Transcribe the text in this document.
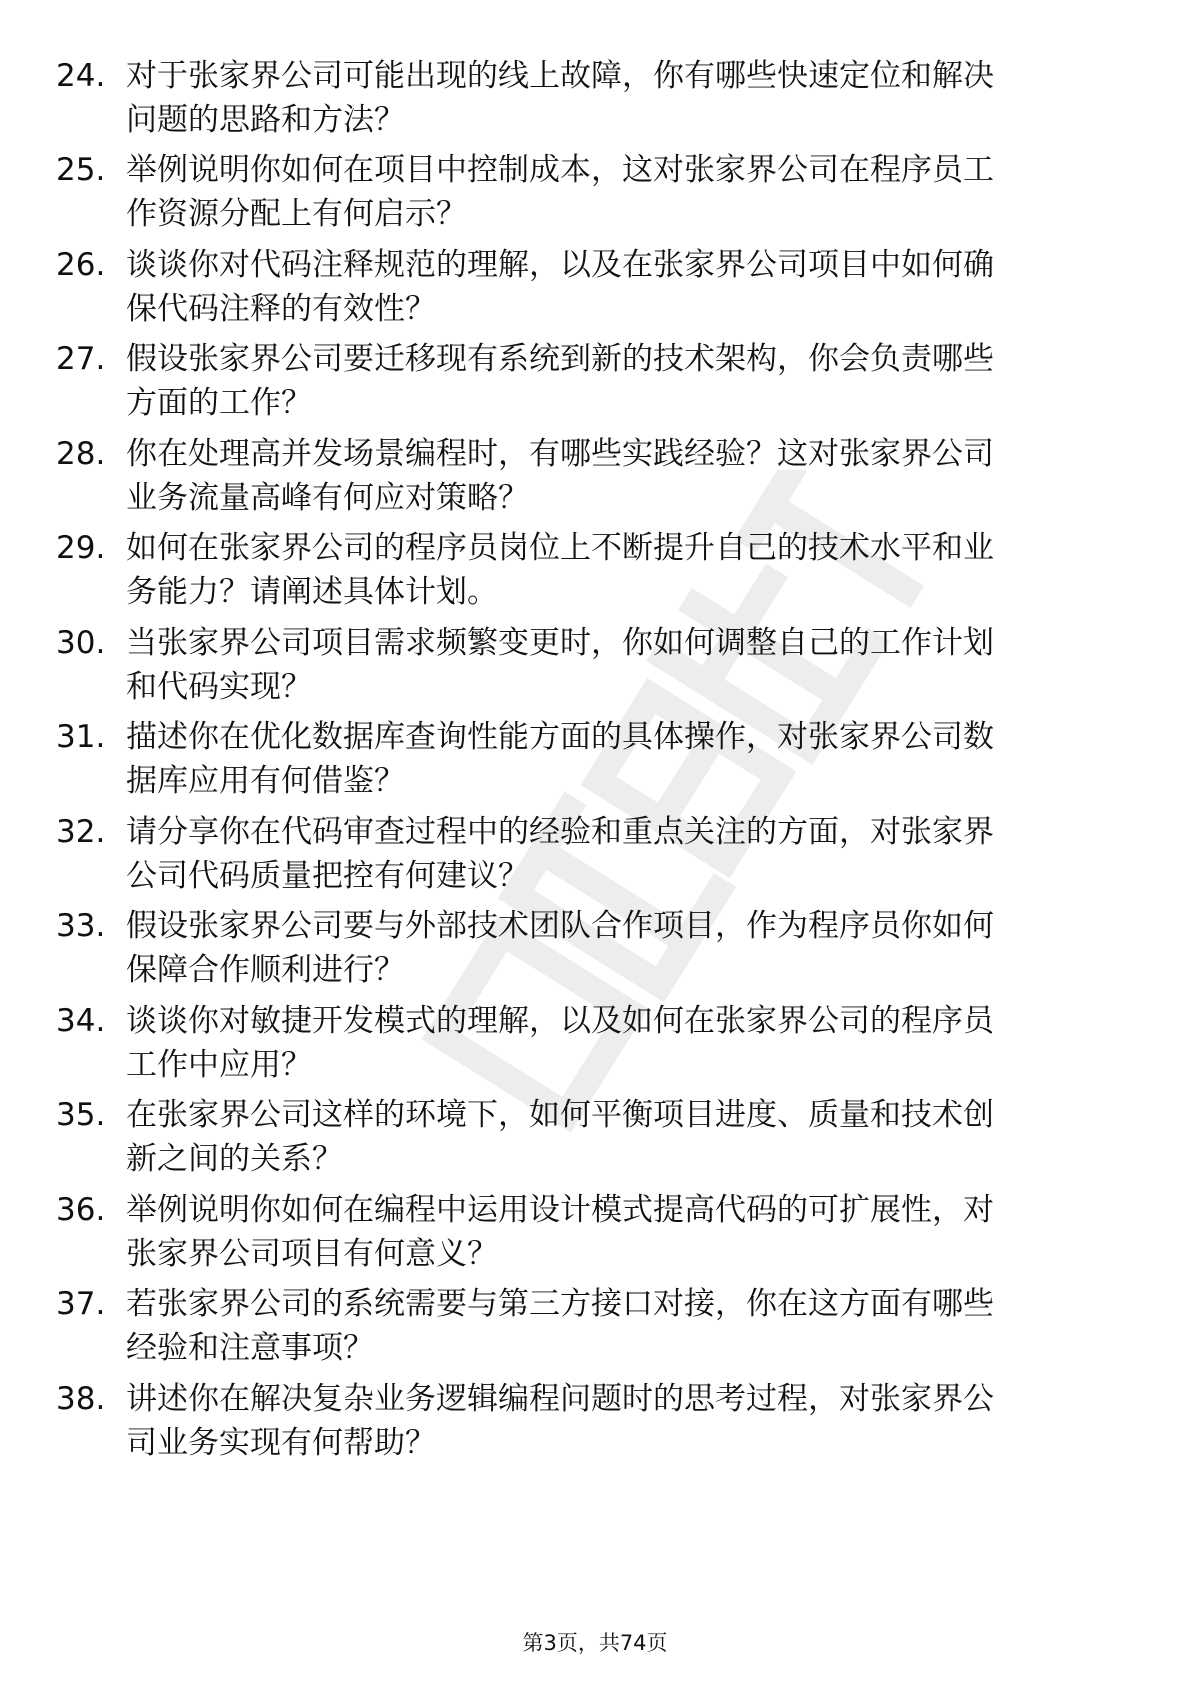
24. 对于张家界公司可能出现的线上故障，你有哪些快速定位和解决
问题的思路和方法？
25. 举例说明你如何在项目中控制成本，这对张家界公司在程序员工
作资源分配上有何启示？
26. 谈谈你对代码注释规范的理解，以及在张家界公司项目中如何确
保代码注释的有效性？
27. 假设张家界公司要迁移现有系统到新的技术架构，你会负责哪些
方面的工作？
28. 你在处理高并发场景编程时，有哪些实践经验？这对张家界公司
业务流量高峰有何应对策略？
29. 如何在张家界公司的程序员岗位上不断提升自己的技术水平和业
务能力？请阐述具体计划。
30. 当张家界公司项目需求频繁变更时，你如何调整自己的工作计划
和代码实现？
31. 描述你在优化数据库查询性能方面的具体操作，对张家界公司数
据库应用有何借鉴？
32. 请分享你在代码审查过程中的经验和重点关注的方面，对张家界
公司代码质量把控有何建议？
33. 假设张家界公司要与外部技术团队合作项目，作为程序员你如何
保障合作顺利进行？
34. 谈谈你对敏捷开发模式的理解，以及如何在张家界公司的程序员
工作中应用？
35. 在张家界公司这样的环境下，如何平衡项目进度、质量和技术创
新之间的关系？
36. 举例说明你如何在编程中运用设计模式提高代码的可扩展性，对
张家界公司项目有何意义？
37. 若张家界公司的系统需要与第三方接口对接，你在这方面有哪些
经验和注意事项？
38. 讲述你在解决复杂业务逻辑编程问题时的思考过程，对张家界公
司业务实现有何帮助？
第3页，共74页
